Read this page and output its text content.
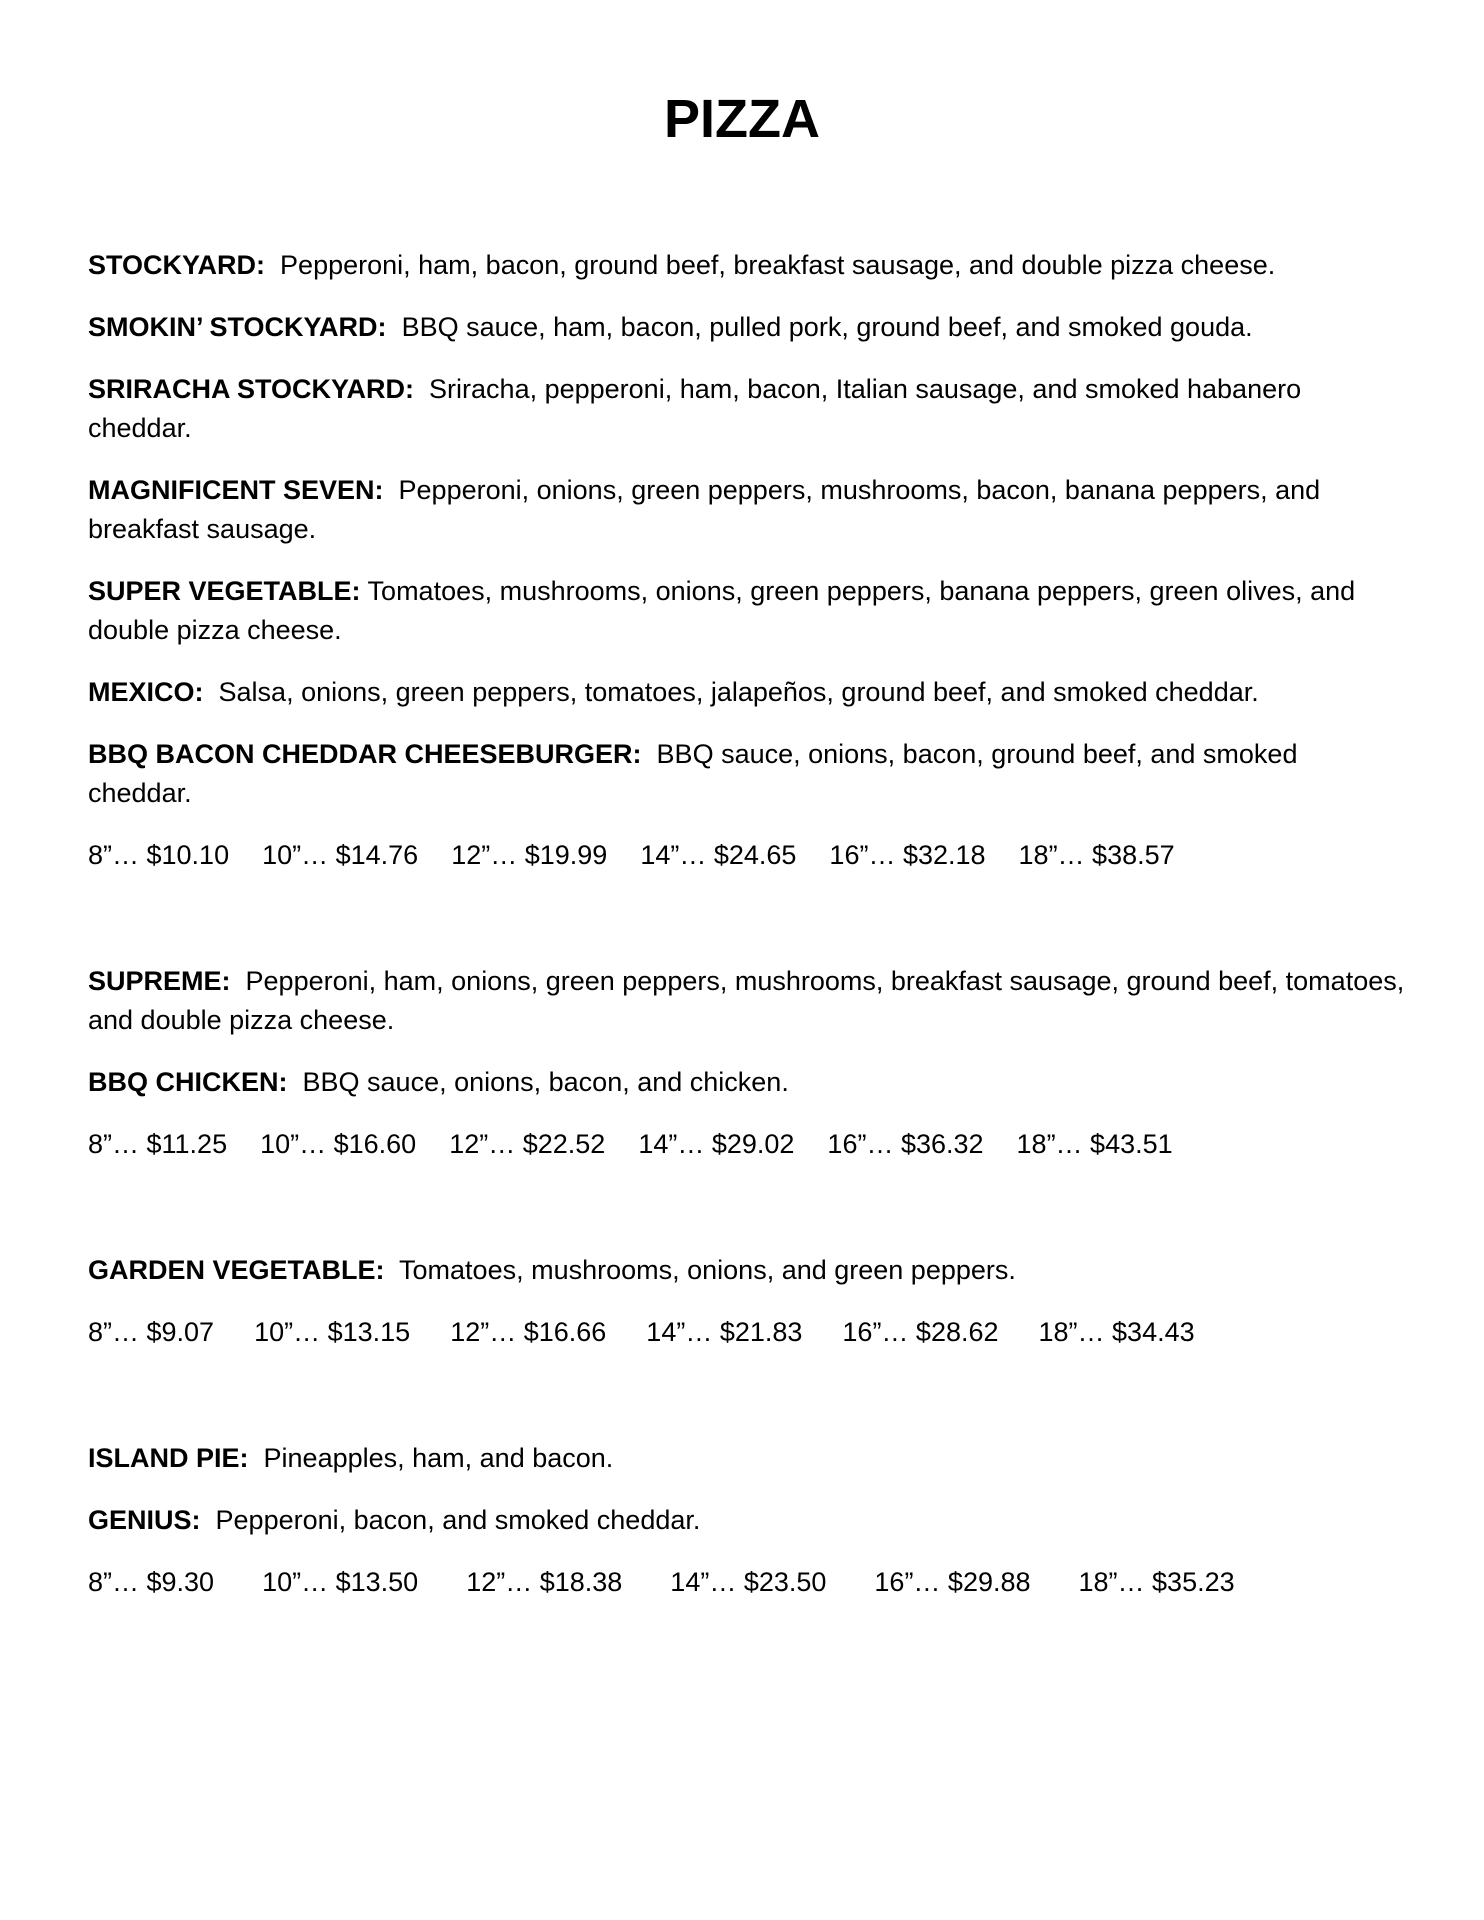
PIZZA

STOCKYARD: Pepperoni, ham, bacon, ground beef, breakfast sausage, and double pizza cheese.

SMOKIN’ STOCKYARD: BBQ sauce, ham, bacon, pulled pork, ground beef, and smoked gouda.

SRIRACHA STOCKYARD: Sriracha, pepperoni, ham, bacon, Italian sausage, and smoked habanero cheddar.

MAGNIFICENT SEVEN: Pepperoni, onions, green peppers, mushrooms, bacon, banana peppers, and breakfast sausage.

SUPER VEGETABLE: Tomatoes, mushrooms, onions, green peppers, banana peppers, green olives, and double pizza cheese.

MEXICO: Salsa, onions, green peppers, tomatoes, jalapeños, ground beef, and smoked cheddar.

BBQ BACON CHEDDAR CHEESEBURGER: BBQ sauce, onions, bacon, ground beef, and smoked cheddar.

8”… $10.10 10”… $14.76 12”… $19.99 14”… $24.65 16”… $32.18 18”… $38.57

SUPREME: Pepperoni, ham, onions, green peppers, mushrooms, breakfast sausage, ground beef, tomatoes, and double pizza cheese.

BBQ CHICKEN: BBQ sauce, onions, bacon, and chicken.

8”… $11.25 10”… $16.60 12”… $22.52 14”… $29.02 16”… $36.32 18”… $43.51

GARDEN VEGETABLE: Tomatoes, mushrooms, onions, and green peppers.

8”… $9.07 10”… $13.15 12”… $16.66 14”… $21.83 16”… $28.62 18”… $34.43

ISLAND PIE: Pineapples, ham, and bacon.

GENIUS: Pepperoni, bacon, and smoked cheddar.

8”… $9.30 10”… $13.50 12”… $18.38 14”… $23.50 16”… $29.88 18”… $35.23
